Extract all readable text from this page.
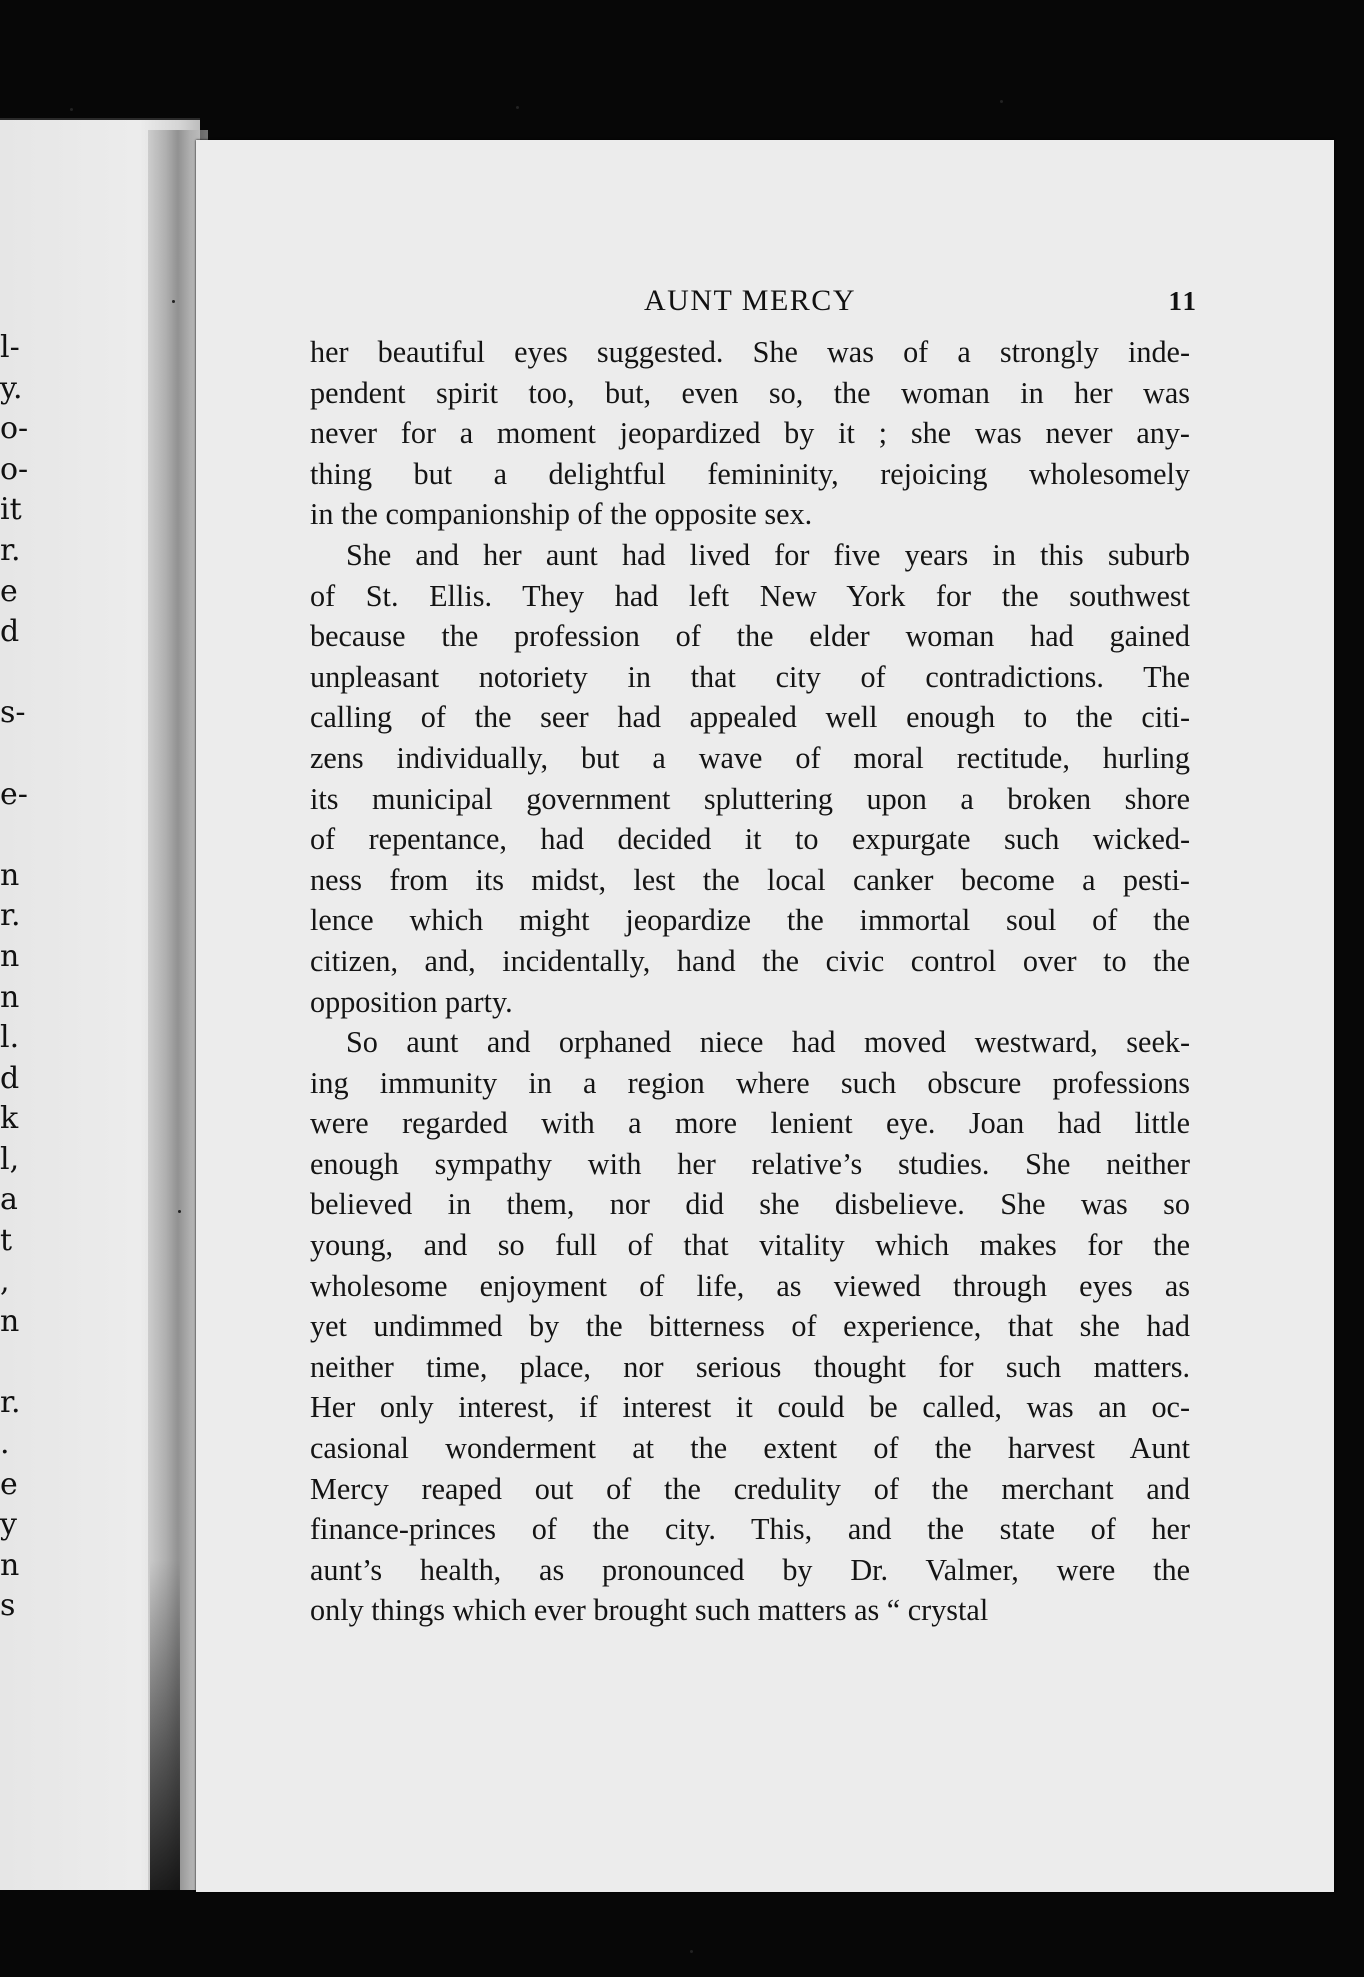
l-
y.
o-
o-
it
r.
e
d
s-
e-
n
r.
n
n
l.
d
k
l,
a
t
,
n
r.
.
e
y
n
s
AUNT MERCY	11

her beautiful eyes suggested. She was of a strongly inde-
pendent spirit too, but, even so, the woman in her was
never for a moment jeopardized by it ; she was never any-
thing but a delightful femininity, rejoicing wholesomely
in the companionship of the opposite sex.

She and her aunt had lived for five years in this suburb
of St. Ellis. They had left New York for the southwest
because the profession of the elder woman had gained
unpleasant notoriety in that city of contradictions. The
calling of the seer had appealed well enough to the citi-
zens individually, but a wave of moral rectitude, hurling
its municipal government spluttering upon a broken shore
of repentance, had decided it to expurgate such wicked-
ness from its midst, lest the local canker become a pesti-
lence which might jeopardize the immortal soul of the
citizen, and, incidentally, hand the civic control over to the
opposition party.

So aunt and orphaned niece had moved westward, seek-
ing immunity in a region where such obscure professions
were regarded with a more lenient eye. Joan had little
enough sympathy with her relative’s studies. She neither
believed in them, nor did she disbelieve. She was so
young, and so full of that vitality which makes for the
wholesome enjoyment of life, as viewed through eyes as
yet undimmed by the bitterness of experience, that she had
neither time, place, nor serious thought for such matters.
Her only interest, if interest it could be called, was an oc-
casional wonderment at the extent of the harvest Aunt
Mercy reaped out of the credulity of the merchant and
finance-princes of the city. This, and the state of her
aunt’s health, as pronounced by Dr. Valmer, were the
only things which ever brought such matters as “ crystal
